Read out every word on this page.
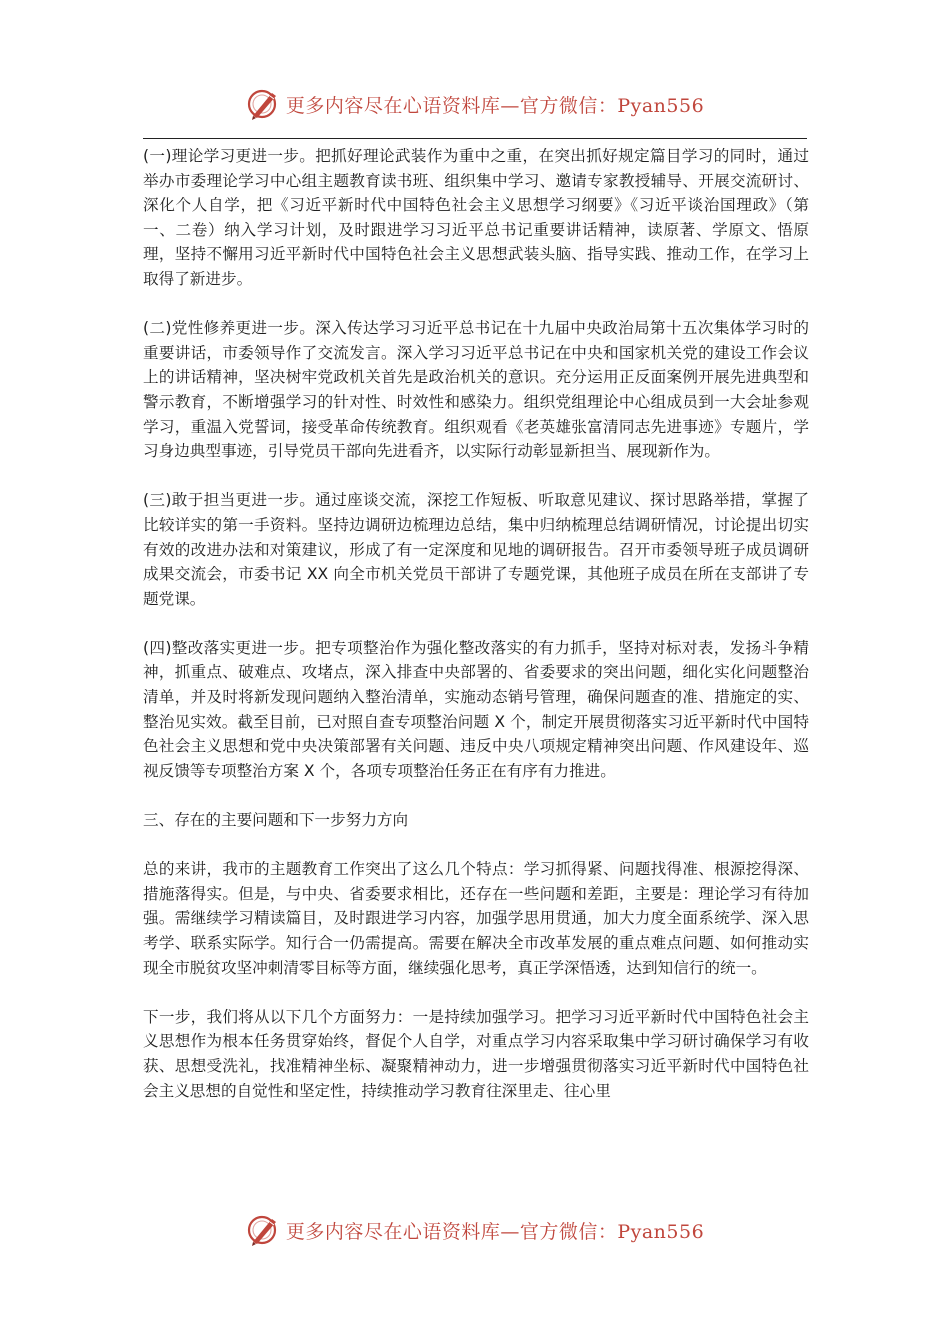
更多内容尽在心语资料库—官方微信：Pyan556

(一)理论学习更进一步。把抓好理论武装作为重中之重，在突出抓好规定篇目学习的同时，通过举办市委理论学习中心组主题教育读书班、组织集中学习、邀请专家教授辅导、开展交流研讨、深化个人自学，把《习近平新时代中国特色社会主义思想学习纲要》《习近平谈治国理政》（第一、二卷）纳入学习计划，及时跟进学习习近平总书记重要讲话精神，读原著、学原文、悟原理，坚持不懈用习近平新时代中国特色社会主义思想武装头脑、指导实践、推动工作，在学习上取得了新进步。

(二)党性修养更进一步。深入传达学习习近平总书记在十九届中央政治局第十五次集体学习时的重要讲话，市委领导作了交流发言。深入学习习近平总书记在中央和国家机关党的建设工作会议上的讲话精神，坚决树牢党政机关首先是政治机关的意识。充分运用正反面案例开展先进典型和警示教育，不断增强学习的针对性、时效性和感染力。组织党组理论中心组成员到一大会址参观学习，重温入党誓词，接受革命传统教育。组织观看《老英雄张富清同志先进事迹》专题片，学习身边典型事迹，引导党员干部向先进看齐，以实际行动彰显新担当、展现新作为。

(三)敢于担当更进一步。通过座谈交流，深挖工作短板、听取意见建议、探讨思路举措，掌握了比较详实的第一手资料。坚持边调研边梳理边总结，集中归纳梳理总结调研情况，讨论提出切实有效的改进办法和对策建议，形成了有一定深度和见地的调研报告。召开市委领导班子成员调研成果交流会，市委书记 XX 向全市机关党员干部讲了专题党课，其他班子成员在所在支部讲了专题党课。

(四)整改落实更进一步。把专项整治作为强化整改落实的有力抓手，坚持对标对表，发扬斗争精神，抓重点、破难点、攻堵点，深入排查中央部署的、省委要求的突出问题，细化实化问题整治清单，并及时将新发现问题纳入整治清单，实施动态销号管理，确保问题查的准、措施定的实、整治见实效。截至目前，已对照自查专项整治问题 X 个，制定开展贯彻落实习近平新时代中国特色社会主义思想和党中央决策部署有关问题、违反中央八项规定精神突出问题、作风建设年、巡视反馈等专项整治方案 X 个，各项专项整治任务正在有序有力推进。

三、存在的主要问题和下一步努力方向

总的来讲，我市的主题教育工作突出了这么几个特点：学习抓得紧、问题找得准、根源挖得深、措施落得实。但是，与中央、省委要求相比，还存在一些问题和差距，主要是：理论学习有待加强。需继续学习精读篇目，及时跟进学习内容，加强学思用贯通，加大力度全面系统学、深入思考学、联系实际学。知行合一仍需提高。需要在解决全市改革发展的重点难点问题、如何推动实现全市脱贫攻坚冲刺清零目标等方面，继续强化思考，真正学深悟透，达到知信行的统一。

下一步，我们将从以下几个方面努力：一是持续加强学习。把学习习近平新时代中国特色社会主义思想作为根本任务贯穿始终，督促个人自学，对重点学习内容采取集中学习研讨确保学习有收获、思想受洗礼，找准精神坐标、凝聚精神动力，进一步增强贯彻落实习近平新时代中国特色社会主义思想的自觉性和坚定性，持续推动学习教育往深里走、往心里

更多内容尽在心语资料库—官方微信：Pyan556
